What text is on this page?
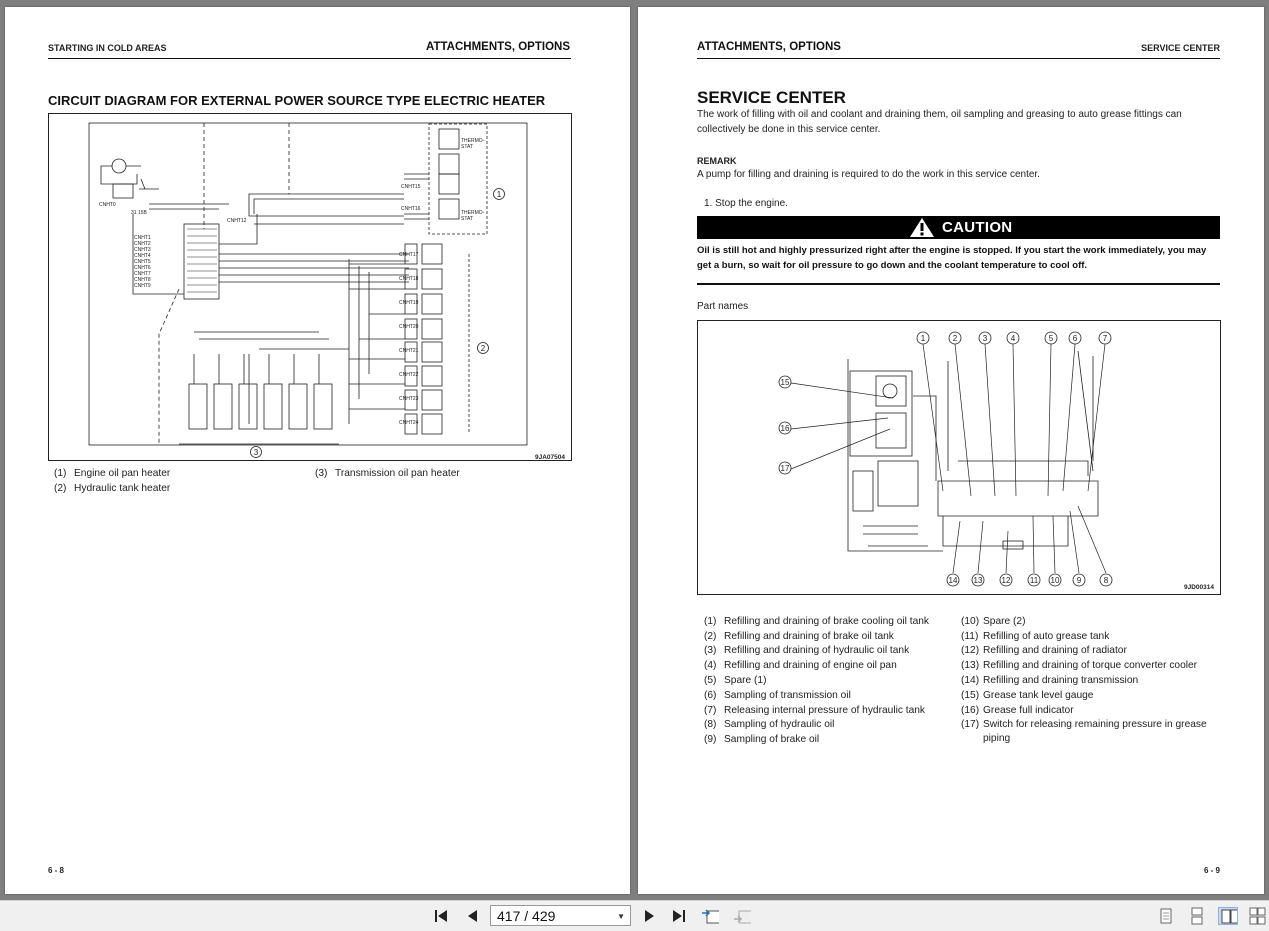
STARTING IN COLD AREAS	ATTACHMENTS, OPTIONS
CIRCUIT DIAGRAM FOR EXTERNAL POWER SOURCE TYPE ELECTRIC HEATER
CNHT0
31 15B
CNHT12
CNHT1
CNHT2
CNHT3
CNHT4
CNHT5
CNHT6
CNHT7
CNHT8
CNHT9
CNHT15
CNHT16
THERMO-
STAT
THERMO-
STAT
CNHT17
CNHT18
CNHT19
CNHT20
CNHT21
CNHT22
CNHT23
CNHT24
1
2
3
9JA07504
(1) Engine oil pan heater
(2) Hydraulic tank heater
(3) Transmission oil pan heater
6 - 8
ATTACHMENTS, OPTIONS	SERVICE CENTER
SERVICE CENTER
The work of filling with oil and coolant and draining them, oil sampling and greasing to auto grease fittings can collectively be done in this service center.
REMARK
A pump for filling and draining is required to do the work in this service center.
1. Stop the engine.
CAUTION
Oil is still hot and highly pressurized right after the engine is stopped. If you start the work immediately, you may get a burn, so wait for oil pressure to go down and the coolant temperature to cool off.
Part names
1	2	3	4	5 6	7
15
16
17
14 13 12 11 10 9	8
9JD00314
(1) Refilling and draining of brake cooling oil tank
(2) Refilling and draining of brake oil tank
(3) Refilling and draining of hydraulic oil tank
(4) Refilling and draining of engine oil pan
(5) Spare (1)
(6) Sampling of transmission oil
(7) Releasing internal pressure of hydraulic tank
(8) Sampling of hydraulic oil
(9) Sampling of brake oil
(10) Spare (2)
(11) Refilling of auto grease tank
(12) Refilling and draining of radiator
(13) Refilling and draining of torque converter cooler
(14) Refilling and draining transmission
(15) Grease tank level gauge
(16) Grease full indicator
(17) Switch for releasing remaining pressure in grease piping
6 - 9
417 / 429	▼
